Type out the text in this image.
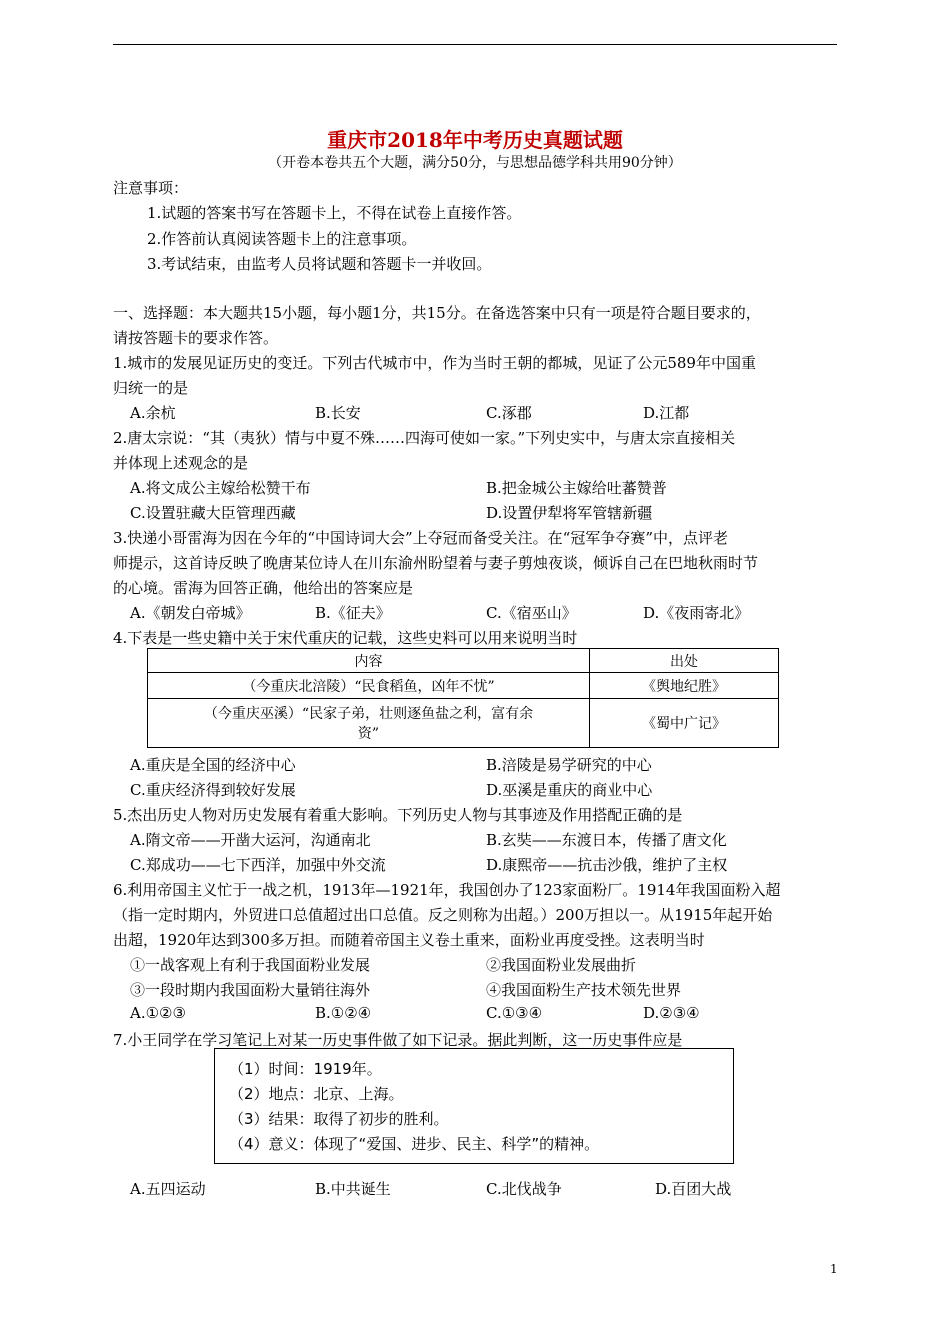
重庆市2018年中考历史真题试题
（开卷本卷共五个大题，满分50分，与思想品德学科共用90分钟）
注意事项：
1.试题的答案书写在答题卡上，不得在试卷上直接作答。
2.作答前认真阅读答题卡上的注意事项。
3.考试结束，由监考人员将试题和答题卡一并收回。
一、选择题：本大题共15小题，每小题1分，共15分。在备选答案中只有一项是符合题目要求的，
请按答题卡的要求作答。
1.城市的发展见证历史的变迁。下列古代城市中，作为当时王朝的都城，见证了公元589年中国重
归统一的是
A.余杭	B.长安	C.涿郡	D.江都
2.唐太宗说：“其（夷狄）情与中夏不殊……四海可使如一家。”下列史实中，与唐太宗直接相关
并体现上述观念的是
A.将文成公主嫁给松赞干布	B.把金城公主嫁给吐蕃赞普
C.设置驻藏大臣管理西藏	D.设置伊犁将军管辖新疆
3.快递小哥雷海为因在今年的“中国诗词大会”上夺冠而备受关注。在“冠军争夺赛”中，点评老
师提示，这首诗反映了晚唐某位诗人在川东渝州盼望着与妻子剪烛夜谈，倾诉自己在巴地秋雨时节
的心境。雷海为回答正确，他给出的答案应是
A.《朝发白帝城》	B.《征夫》	C.《宿巫山》	D.《夜雨寄北》
4.下表是一些史籍中关于宋代重庆的记载，这些史料可以用来说明当时
内容	出处
（今重庆北涪陵）“民食稻鱼，凶年不忧”	《舆地纪胜》

（今重庆巫溪）“民家子弟，壮则逐鱼盐之利，富有余
资”	《蜀中广记》
A.重庆是全国的经济中心	B.涪陵是易学研究的中心
C.重庆经济得到较好发展	D.巫溪是重庆的商业中心
5.杰出历史人物对历史发展有着重大影响。下列历史人物与其事迹及作用搭配正确的是
A.隋文帝——开凿大运河，沟通南北	B.玄奘——东渡日本，传播了唐文化
C.郑成功——七下西洋，加强中外交流	D.康熙帝——抗击沙俄，维护了主权
6.利用帝国主义忙于一战之机，1913年—1921年，我国创办了123家面粉厂。1914年我国面粉入超
（指一定时期内，外贸进口总值超过出口总值。反之则称为出超。）200万担以一。从1915年起开始
出超，1920年达到300多万担。而随着帝国主义卷土重来，面粉业再度受挫。这表明当时
①一战客观上有利于我国面粉业发展	②我国面粉业发展曲折
③一段时期内我国面粉大量销往海外	④我国面粉生产技术领先世界
A.①②③	B.①②④	C.①③④	D.②③④
7.小王同学在学习笔记上对某一历史事件做了如下记录。据此判断，这一历史事件应是
（1）时间：1919年。
（2）地点：北京、上海。
（3）结果：取得了初步的胜利。
（4）意义：体现了“爱国、进步、民主、科学”的精神。
A.五四运动	B.中共诞生	C.北伐战争	D.百团大战
1
